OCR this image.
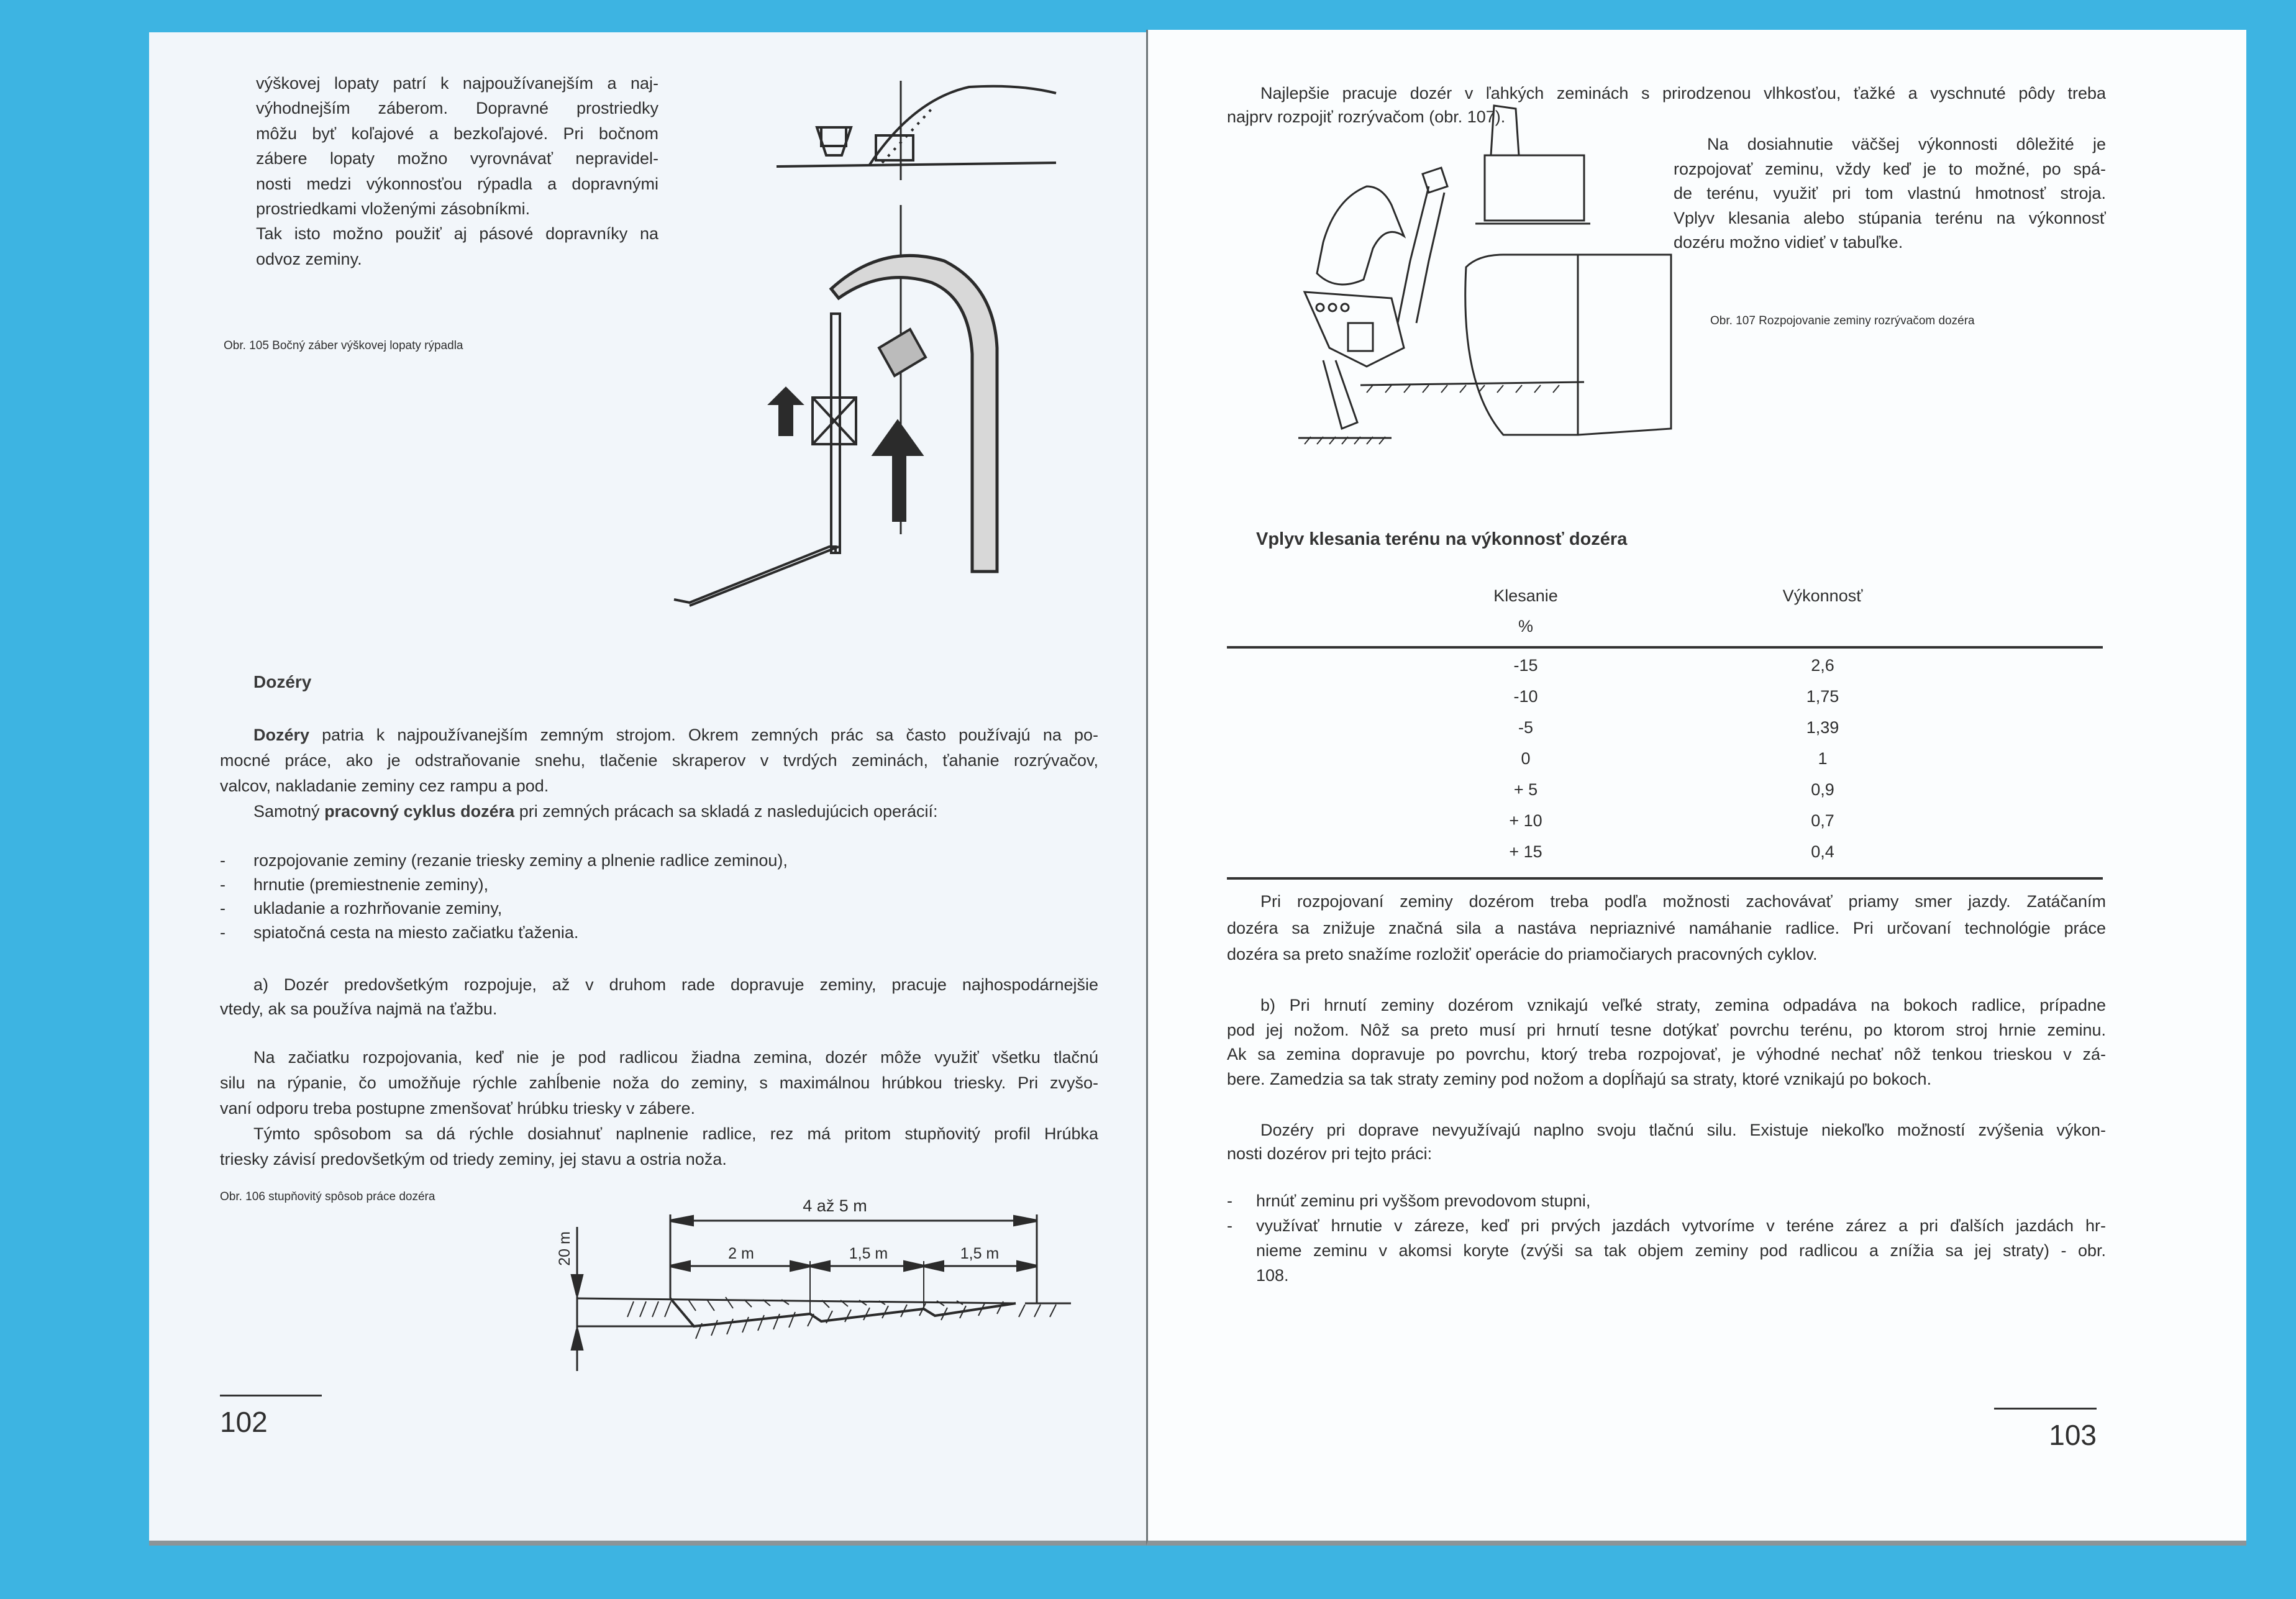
výškovej lopaty patrí k najpoužívanejším a naj-
výhodnejším záberom. Dopravné prostriedky
môžu byť koľajové a bezkoľajové. Pri bočnom
zábere lopaty možno vyrovnávať nepravidel-
nosti medzi výkonnosťou rýpadla a dopravnými
prostriedkami vloženými zásobníkmi.
Tak isto možno použiť aj pásové dopravníky na
odvoz zeminy.
Obr. 105 Bočný záber výškovej lopaty rýpadla
Dozéry
Dozéry patria k najpoužívanejším zemným strojom. Okrem zemných prác sa často používajú na po-
mocné práce, ako je odstraňovanie snehu, tlačenie skraperov v tvrdých zeminách, ťahanie rozrývačov,
valcov, nakladanie zeminy cez rampu a pod.
Samotný pracovný cyklus dozéra pri zemných prácach sa skladá z nasledujúcich operácií:
-	rozpojovanie zeminy (rezanie triesky zeminy a plnenie radlice zeminou),
-	hrnutie (premiestnenie zeminy),
-	ukladanie a rozhrňovanie zeminy,
-	spiatočná cesta na miesto začiatku ťaženia.
a) Dozér predovšetkým rozpojuje, až v druhom rade dopravuje zeminy, pracuje najhospodárnejšie
vtedy, ak sa používa najmä na ťažbu.
Na začiatku rozpojovania, keď nie je pod radlicou žiadna zemina, dozér môže využiť všetku tlačnú
silu na rýpanie, čo umožňuje rýchle zahĺbenie noža do zeminy, s maximálnou hrúbkou triesky. Pri zvyšo-
vaní odporu treba postupne zmenšovať hrúbku triesky v zábere.
Týmto spôsobom sa dá rýchle dosiahnuť naplnenie radlice, rez má pritom stupňovitý profil Hrúbka
triesky závisí predovšetkým od triedy zeminy, jej stavu a ostria noža.
Obr. 106 stupňovitý spôsob práce dozéra
102
Najlepšie pracuje dozér v ľahkých zeminách s prirodzenou vlhkosťou, ťažké a vyschnuté pôdy treba
najprv rozpojiť rozrývačom (obr. 107).
Na dosiahnutie väčšej výkonnosti dôležité je
rozpojovať zeminu, vždy keď je to možné, po spá-
de terénu, využiť pri tom vlastnú hmotnosť stroja.
Vplyv klesania alebo stúpania terénu na výkonnosť
dozéru možno vidieť v tabuľke.
Obr. 107 Rozpojovanie zeminy rozrývačom dozéra
Vplyv klesania terénu na výkonnosť dozéra
Klesanie	Výkonnosť
%
-15	2,6
-10	1,75
-5	1,39
0	1
+ 5	0,9
+ 10	0,7
+ 15	0,4
Pri rozpojovaní zeminy dozérom treba podľa možnosti zachovávať priamy smer jazdy. Zatáčaním
dozéra sa znižuje značná sila a nastáva nepriaznivé namáhanie radlice. Pri určovaní technológie práce
dozéra sa preto snažíme rozložiť operácie do priamočiarych pracovných cyklov.
b) Pri hrnutí zeminy dozérom vznikajú veľké straty, zemina odpadáva na bokoch radlice, prípadne
pod jej nožom. Nôž sa preto musí pri hrnutí tesne dotýkať povrchu terénu, po ktorom stroj hrnie zeminu.
Ak sa zemina dopravuje po povrchu, ktorý treba rozpojovať, je výhodné nechať nôž tenkou trieskou v zá-
bere. Zamedzia sa tak straty zeminy pod nožom a dopĺňajú sa straty, ktoré vznikajú po bokoch.
Dozéry pri doprave nevyužívajú naplno svoju tlačnú silu. Existuje niekoľko možností zvýšenia výkon-
nosti dozérov pri tejto práci:
-	hrnúť zeminu pri vyššom prevodovom stupni,
-	využívať hrnutie v záreze, keď pri prvých jazdách vytvoríme v teréne zárez a pri ďalších jazdách hr-
nieme zeminu v akomsi koryte (zvýši sa tak objem zeminy pod radlicou a znížia sa jej straty) - obr.
108.
103
4 až 5 m
2 m	1,5 m	1,5 m
20 m
